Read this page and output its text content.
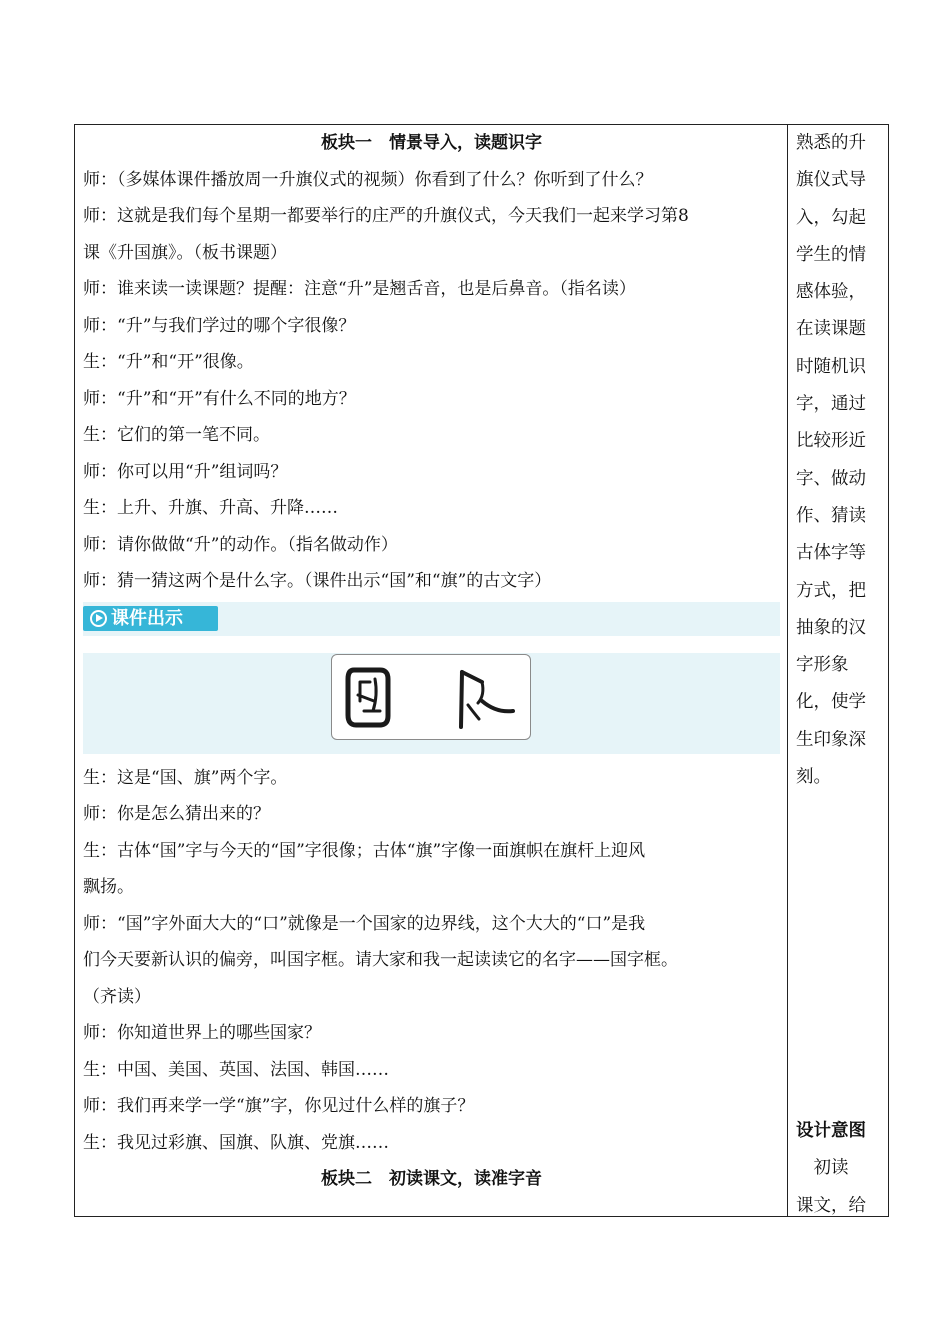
板块一　情景导入，读题识字
师：（多媒体课件播放周一升旗仪式的视频）你看到了什么？你听到了什么？
师：这就是我们每个星期一都要举行的庄严的升旗仪式，今天我们一起来学习第8
课《升国旗》。（板书课题）
师：谁来读一读课题？提醒：注意“升”是翘舌音，也是后鼻音。（指名读）
师：“升”与我们学过的哪个字很像？
生：“升”和“开”很像。
师：“升”和“开”有什么不同的地方？
生：它们的第一笔不同。
师：你可以用“升”组词吗？
生：上升、升旗、升高、升降……
师：请你做做“升”的动作。（指名做动作）
师：猜一猜这两个是什么字。（课件出示“国”和“旗”的古文字）
课件出示
生：这是“国、旗”两个字。
师：你是怎么猜出来的？
生：古体“国”字与今天的“国”字很像；古体“旗”字像一面旗帜在旗杆上迎风
飘扬。
师：“国”字外面大大的“口”就像是一个国家的边界线，这个大大的“口”是我
们今天要新认识的偏旁，叫国字框。请大家和我一起读读它的名字——国字框。
（齐读）
师：你知道世界上的哪些国家？
生：中国、美国、英国、法国、韩国……
师：我们再来学一学“旗”字，你见过什么样的旗子？
生：我见过彩旗、国旗、队旗、党旗……
板块二　初读课文，读准字音
熟悉的升
旗仪式导
入，勾起
学生的情
感体验，
在读课题
时随机识
字，通过
比较形近
字、做动
作、猜读
古体字等
方式，把
抽象的汉
字形象
化，使学
生印象深
刻。
设计意图
　初读
课文，给
